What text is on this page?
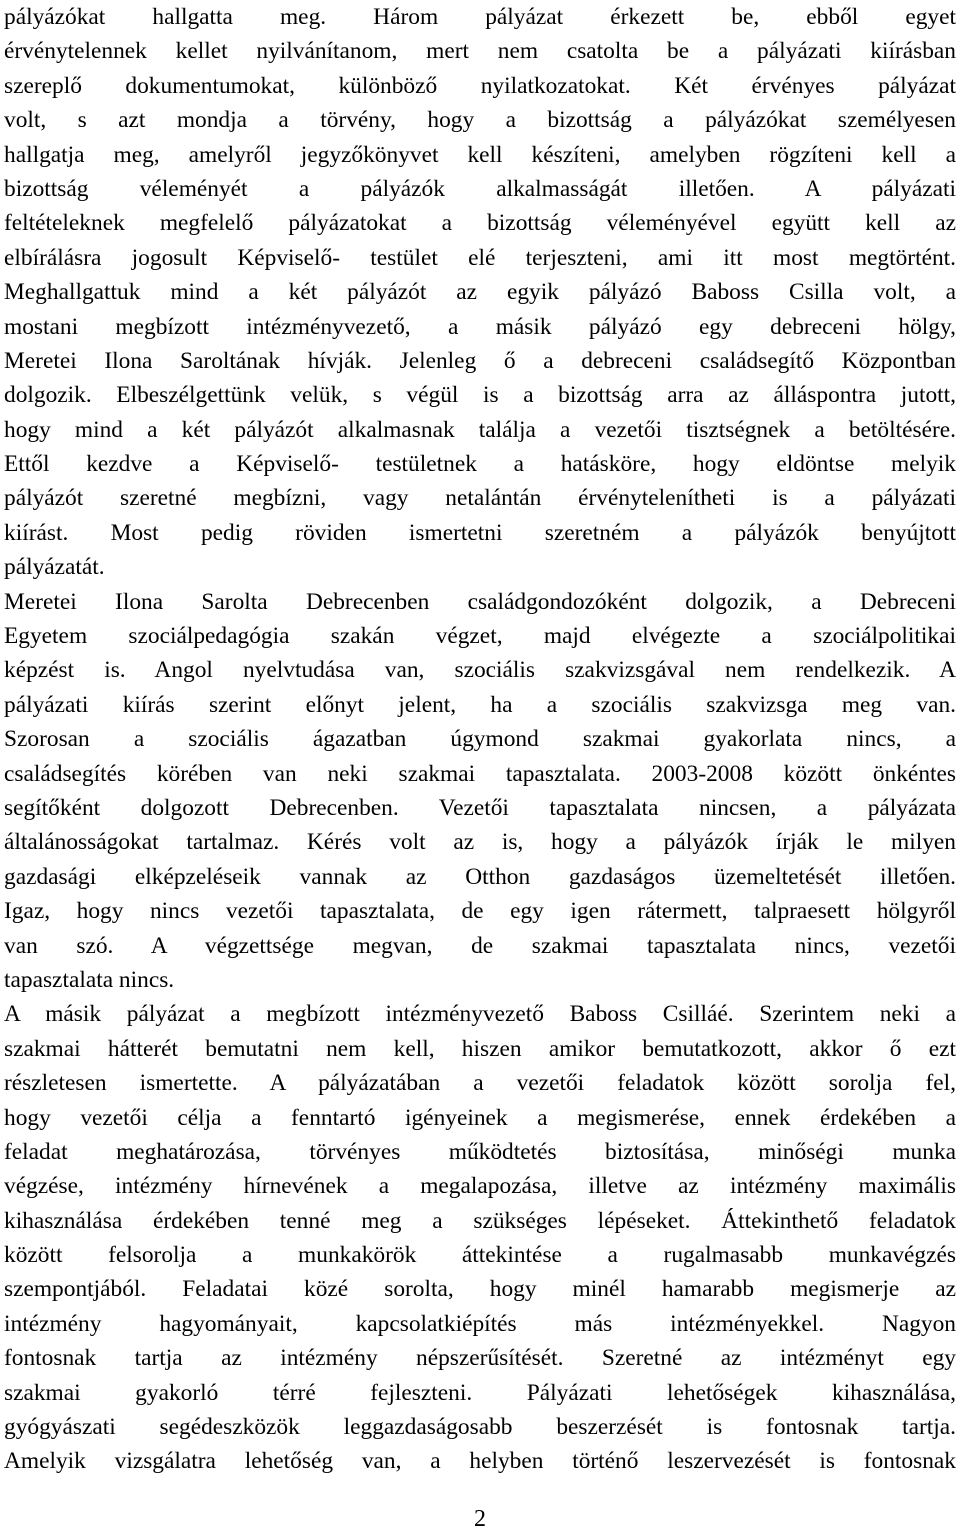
pályázókat hallgatta meg. Három pályázat érkezett be, ebből egyet
érvénytelennek kellet nyilvánítanom, mert nem csatolta be a pályázati kiírásban
szereplő dokumentumokat, különböző nyilatkozatokat. Két érvényes pályázat
volt, s azt mondja a törvény, hogy a bizottság a pályázókat személyesen
hallgatja meg, amelyről jegyzőkönyvet kell készíteni, amelyben rögzíteni kell a
bizottság véleményét a pályázók alkalmasságát illetően. A pályázati
feltételeknek megfelelő pályázatokat a bizottság véleményével együtt kell az
elbírálásra jogosult Képviselő- testület elé terjeszteni, ami itt most megtörtént.
Meghallgattuk mind a két pályázót az egyik pályázó Baboss Csilla volt, a
mostani megbízott intézményvezető, a másik pályázó egy debreceni hölgy,
Meretei Ilona Saroltának hívják. Jelenleg ő a debreceni családsegítő Központban
dolgozik. Elbeszélgettünk velük, s végül is a bizottság arra az álláspontra jutott,
hogy mind a két pályázót alkalmasnak találja a vezetői tisztségnek a betöltésére.
Ettől kezdve a Képviselő- testületnek a hatásköre, hogy eldöntse melyik
pályázót szeretné megbízni, vagy netalántán érvénytelenítheti is a pályázati
kiírást. Most pedig röviden ismertetni szeretném a pályázók benyújtott
pályázatát.
Meretei Ilona Sarolta Debrecenben családgondozóként dolgozik, a Debreceni
Egyetem szociálpedagógia szakán végzet, majd elvégezte a szociálpolitikai
képzést is. Angol nyelvtudása van, szociális szakvizsgával nem rendelkezik. A
pályázati kiírás szerint előnyt jelent, ha a szociális szakvizsga meg van.
Szorosan a szociális ágazatban úgymond szakmai gyakorlata nincs, a
családsegítés körében van neki szakmai tapasztalata. 2003-2008 között önkéntes
segítőként dolgozott Debrecenben. Vezetői tapasztalata nincsen, a pályázata
általánosságokat tartalmaz. Kérés volt az is, hogy a pályázók írják le milyen
gazdasági elképzeléseik vannak az Otthon gazdaságos üzemeltetését illetően.
Igaz, hogy nincs vezetői tapasztalata, de egy igen rátermett, talpraesett hölgyről
van szó. A végzettsége megvan, de szakmai tapasztalata nincs, vezetői
tapasztalata nincs.
A másik pályázat a megbízott intézményvezető Baboss Csilláé. Szerintem neki a
szakmai hátterét bemutatni nem kell, hiszen amikor bemutatkozott, akkor ő ezt
részletesen ismertette. A pályázatában a vezetői feladatok között sorolja fel,
hogy vezetői célja a fenntartó igényeinek a megismerése, ennek érdekében a
feladat meghatározása, törvényes működtetés biztosítása, minőségi munka
végzése, intézmény hírnevének a megalapozása, illetve az intézmény maximális
kihasználása érdekében tenné meg a szükséges lépéseket. Áttekinthető feladatok
között felsorolja a munkakörök áttekintése a rugalmasabb munkavégzés
szempontjából. Feladatai közé sorolta, hogy minél hamarabb megismerje az
intézmény hagyományait, kapcsolatkiépítés más intézményekkel. Nagyon
fontosnak tartja az intézmény népszerűsítését. Szeretné az intézményt egy
szakmai gyakorló térré fejleszteni. Pályázati lehetőségek kihasználása,
gyógyászati segédeszközök leggazdaságosabb beszerzését is fontosnak tartja.
Amelyik vizsgálatra lehetőség van, a helyben történő leszervezését is fontosnak
2
